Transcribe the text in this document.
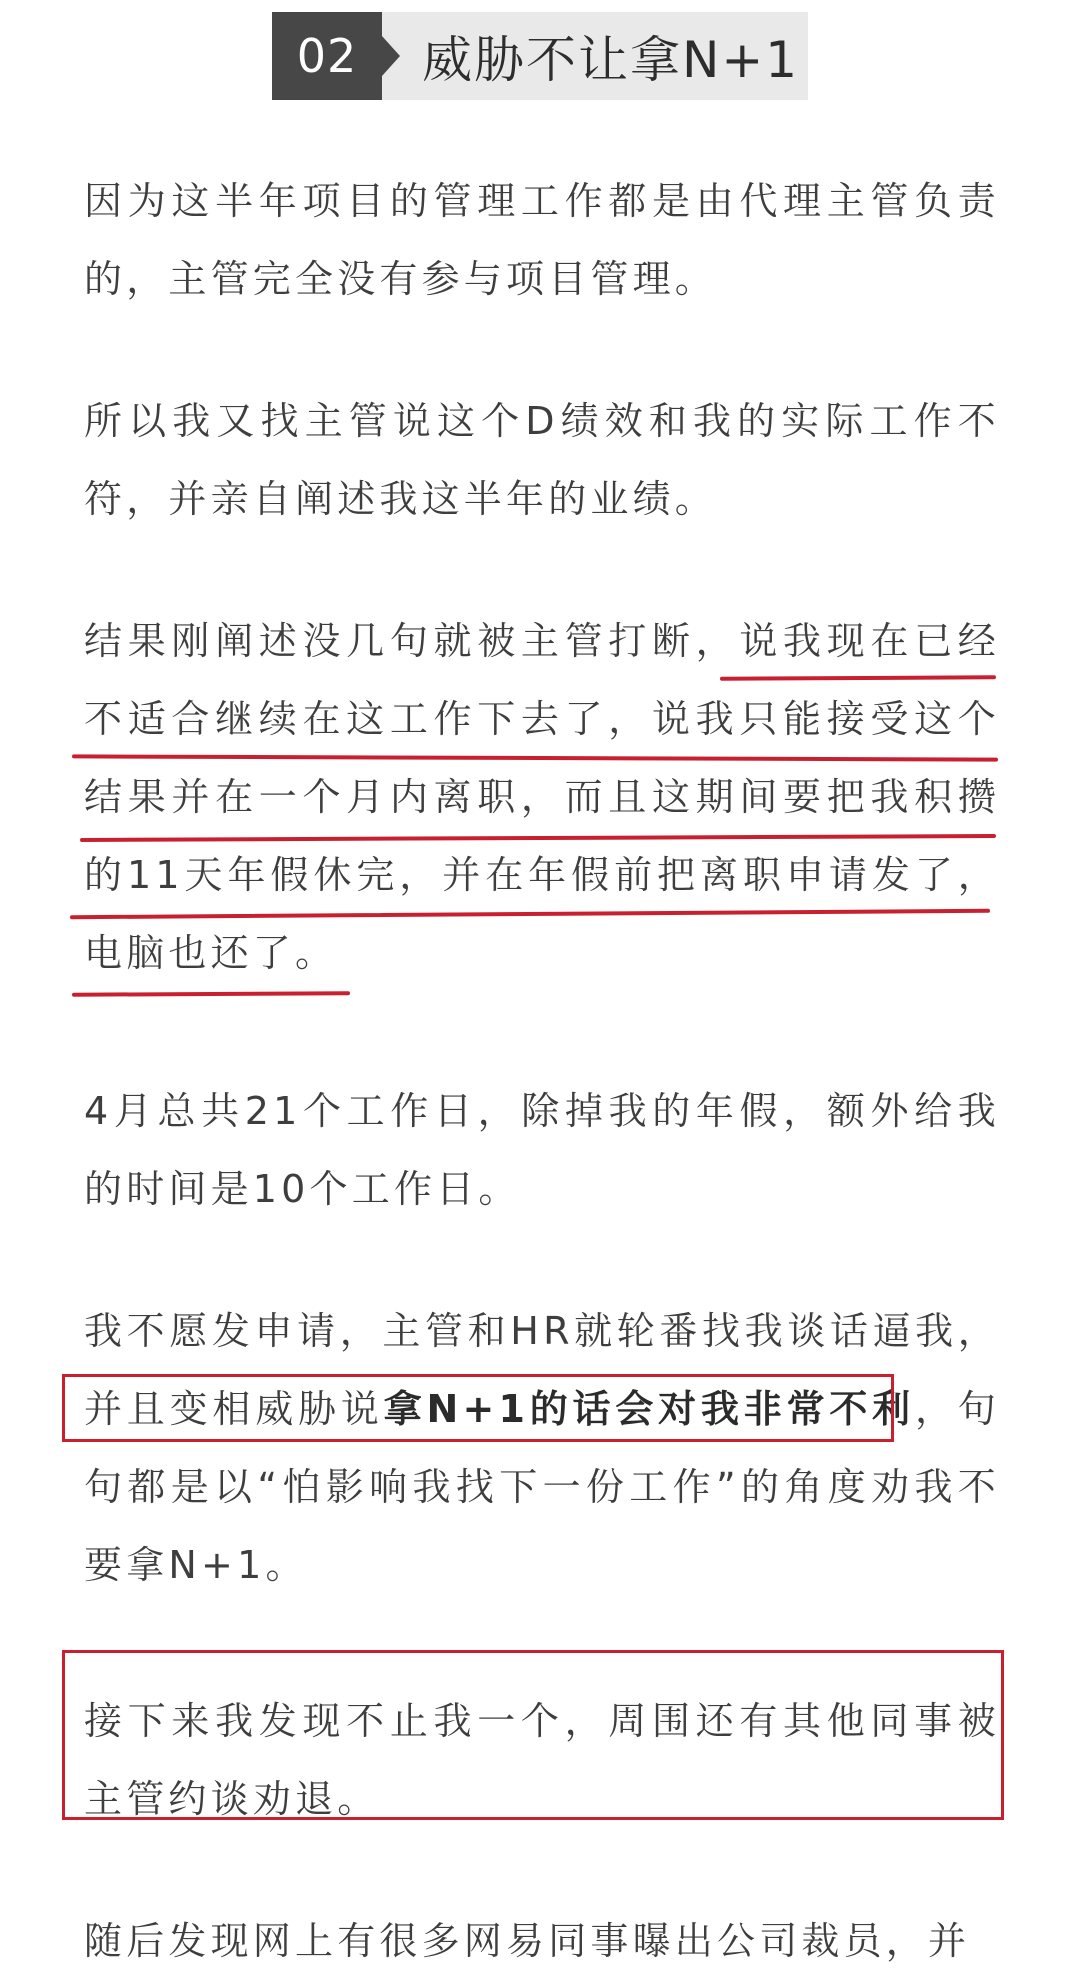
02	威胁不让拿N+1

因为这半年项目的管理工作都是由代理主管负责的，主管完全没有参与项目管理。

所以我又找主管说这个D绩效和我的实际工作不符，并亲自阐述我这半年的业绩。

结果刚阐述没几句就被主管打断，说我现在已经不适合继续在这工作下去了，说我只能接受这个结果并在一个月内离职，而且这期间要把我积攒的11天年假休完，并在年假前把离职申请发了，电脑也还了。

4月总共21个工作日，除掉我的年假，额外给我的时间是10个工作日。

我不愿发申请，主管和HR就轮番找我谈话逼我，并且变相威胁说拿N+1的话会对我非常不利，句句都是以“怕影响我找下一份工作”的角度劝我不要拿N+1。

接下来我发现不止我一个，周围还有其他同事被主管约谈劝退。

随后发现网上有很多网易同事曝出公司裁员，并
